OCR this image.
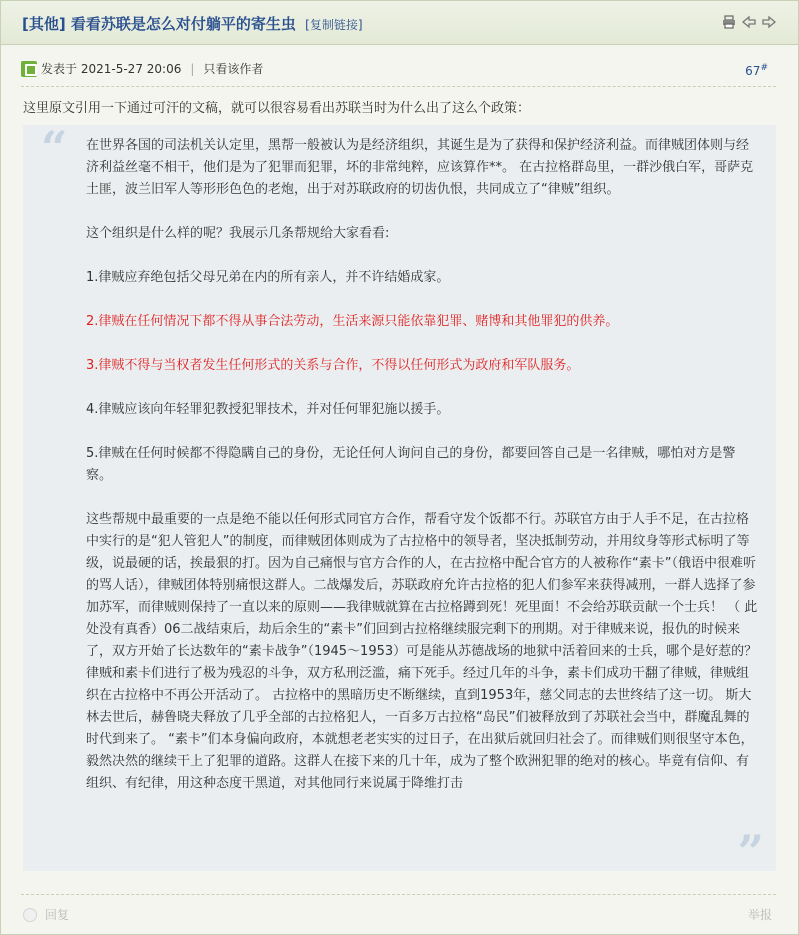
[其他] 看看苏联是怎么对付躺平的寄生虫 [复制链接]
发表于
2021-5-27 20:06 | 只看该作者	67#
这里原文引用一下通过可汗的文稿，就可以很容易看出苏联当时为什么出了这么个政策：
“ 在世界各国的司法机关认定里，黑帮一般被认为是经济组织，其诞生是为了获得和保护经济利益。而律贼团体则与经济利益丝毫不相干，他们是为了犯罪而犯罪，坏的非常纯粹，应该算作**。 在古拉格群岛里，一群沙俄白军，哥萨克土匪，波兰旧军人等形形色色的老炮，出于对苏联政府的切齿仇恨，共同成立了“律贼”组织。

这个组织是什么样的呢？我展示几条帮规给大家看看:

1.律贼应弃绝包括父母兄弟在内的所有亲人，并不许结婚成家。

2.律贼在任何情况下都不得从事合法劳动，生活来源只能依靠犯罪、赌博和其他罪犯的供养。

3.律贼不得与当权者发生任何形式的关系与合作，不得以任何形式为政府和军队服务。

4.律贼应该向年轻罪犯教授犯罪技术，并对任何罪犯施以援手。

5.律贼在任何时候都不得隐瞒自己的身份，无论任何人询问自己的身份，都要回答自己是一名律贼，哪怕对方是警察。

这些帮规中最重要的一点是绝不能以任何形式同官方合作，帮看守发个饭都不行。苏联官方由于人手不足，在古拉格中实行的是“犯人管犯人”的制度，而律贼团体则成为了古拉格中的领导者，坚决抵制劳动，并用纹身等形式标明了等级，说最硬的话，挨最狠的打。因为自己痛恨与官方合作的人，在古拉格中配合官方的人被称作“素卡”（俄语中很难听的骂人话），律贼团体特别痛恨这群人。二战爆发后，苏联政府允许古拉格的犯人们参军来获得减刑，一群人选择了参加苏军，而律贼则保持了一直以来的原则——我律贼就算在古拉格蹲到死！死里面！不会给苏联贡献一个士兵！ （ 此处没有真香）06二战结束后，劫后余生的“素卡”们回到古拉格继续服完剩下的刑期。对于律贼来说，报仇的时候来了，双方开始了长达数年的“素卡战争”（1945～1953）可是能从苏德战场的地狱中活着回来的士兵，哪个是好惹的？律贼和素卡们进行了极为残忍的斗争，双方私刑泛滥，痛下死手。经过几年的斗争，素卡们成功干翻了律贼，律贼组织在古拉格中不再公开活动了。 古拉格中的黑暗历史不断继续，直到1953年，慈父同志的去世终结了这一切。 斯大林去世后，赫鲁晓夫释放了几乎全部的古拉格犯人，一百多万古拉格“岛民”们被释放到了苏联社会当中，群魔乱舞的时代到来了。 “素卡”们本身偏向政府，本就想老老实实的过日子，在出狱后就回归社会了。而律贼们则很坚守本色，毅然决然的继续干上了犯罪的道路。这群人在接下来的几十年，成为了整个欧洲犯罪的绝对的核心。毕竟有信仰、有组织、有纪律，用这种态度干黑道，对其他同行来说属于降维打击

”
回复	举报
